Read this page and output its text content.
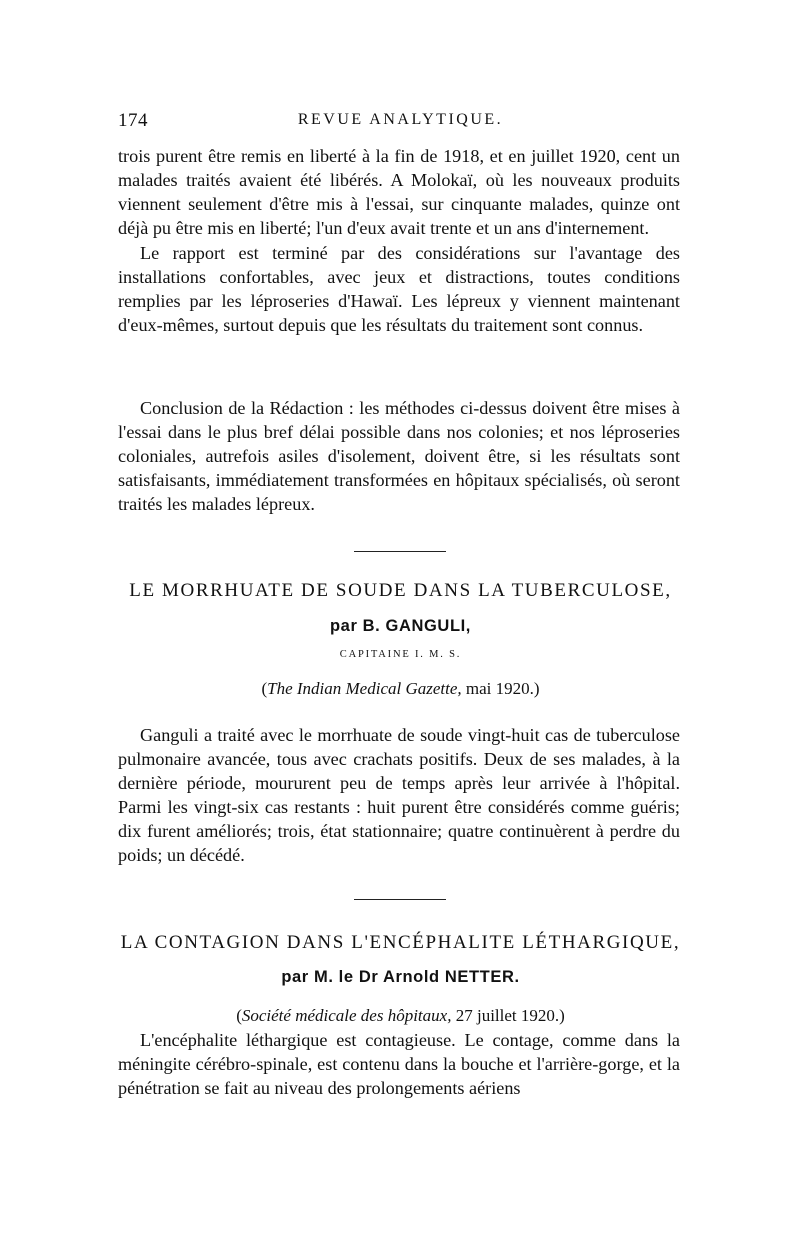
174	REVUE ANALYTIQUE.

trois purent être remis en liberté à la fin de 1918, et en juillet 1920, cent un malades traités avaient été libérés. A Molokaï, où les nouveaux produits viennent seulement d'être mis à l'essai, sur cinquante malades, quinze ont déjà pu être mis en liberté; l'un d'eux avait trente et un ans d'internement.

Le rapport est terminé par des considérations sur l'avantage des installations confortables, avec jeux et distractions, toutes conditions remplies par les léproseries d'Hawaï. Les lépreux y viennent maintenant d'eux-mêmes, surtout depuis que les résultats du traitement sont connus.

Conclusion de la Rédaction : les méthodes ci-dessus doivent être mises à l'essai dans le plus bref délai possible dans nos colonies; et nos léproseries coloniales, autrefois asiles d'isolement, doivent être, si les résultats sont satisfaisants, immédiatement transformées en hôpitaux spécialisés, où seront traités les malades lépreux.

LE MORRHUATE DE SOUDE DANS LA TUBERCULOSE,
par B. GANGULI,
CAPITAINE I. M. S.
(The Indian Medical Gazette, mai 1920.)

Ganguli a traité avec le morrhuate de soude vingt-huit cas de tuberculose pulmonaire avancée, tous avec crachats positifs. Deux de ses malades, à la dernière période, moururent peu de temps après leur arrivée à l'hôpital. Parmi les vingt-six cas restants : huit purent être considérés comme guéris; dix furent améliorés; trois, état stationnaire; quatre continuèrent à perdre du poids; un décédé.

LA CONTAGION DANS L'ENCÉPHALITE LÉTHARGIQUE,
par M. le Dr Arnold NETTER.
(Société médicale des hôpitaux, 27 juillet 1920.)

L'encéphalite léthargique est contagieuse. Le contage, comme dans la méningite cérébro-spinale, est contenu dans la bouche et l'arrière-gorge, et la pénétration se fait au niveau des prolongements aériens
